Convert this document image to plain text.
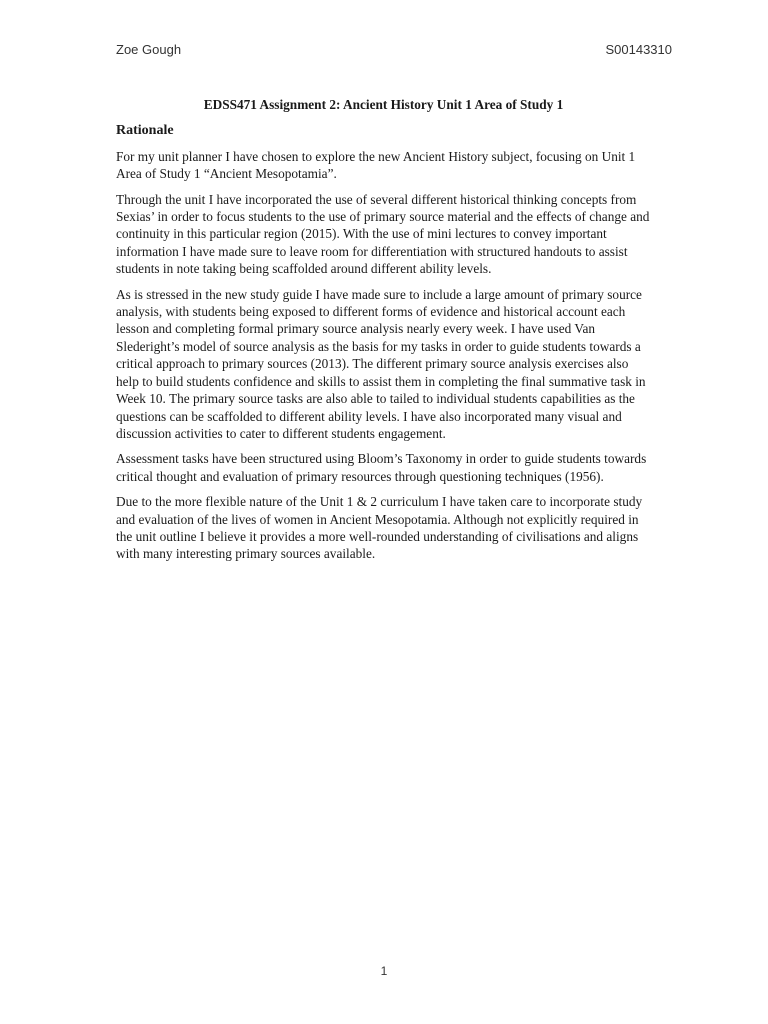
Zoe Gough	S00143310
EDSS471 Assignment 2: Ancient History Unit 1 Area of Study 1
Rationale

For my unit planner I have chosen to explore the new Ancient History subject, focusing on Unit 1 Area of Study 1 “Ancient Mesopotamia”.

Through the unit I have incorporated the use of several different historical thinking concepts from Sexias’ in order to focus students to the use of primary source material and the effects of change and continuity in this particular region (2015). With the use of mini lectures to convey important information I have made sure to leave room for differentiation with structured handouts to assist students in note taking being scaffolded around different ability levels.

As is stressed in the new study guide I have made sure to include a large amount of primary source analysis, with students being exposed to different forms of evidence and historical account each lesson and completing formal primary source analysis nearly every week. I have used Van Slederight’s model of source analysis as the basis for my tasks in order to guide students towards a critical approach to primary sources (2013). The different primary source analysis exercises also help to build students confidence and skills to assist them in completing the final summative task in Week 10. The primary source tasks are also able to tailed to individual students capabilities as the questions can be scaffolded to different ability levels. I have also incorporated many visual and discussion activities to cater to different students engagement.

Assessment tasks have been structured using Bloom’s Taxonomy in order to guide students towards critical thought and evaluation of primary resources through questioning techniques (1956).

Due to the more flexible nature of the Unit 1 & 2 curriculum I have taken care to incorporate study and evaluation of the lives of women in Ancient Mesopotamia. Although not explicitly required in the unit outline I believe it provides a more well-rounded understanding of civilisations and aligns with many interesting primary sources available.

1
